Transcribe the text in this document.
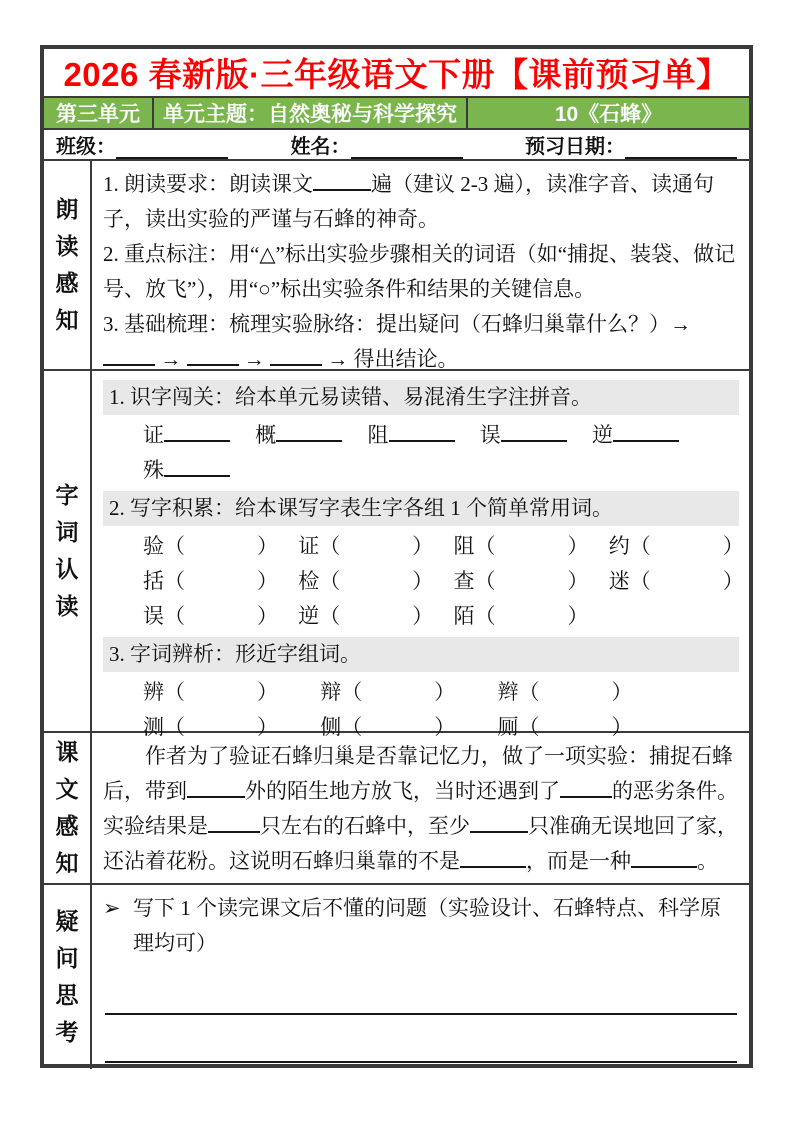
2026 春新版·三年级语文下册【课前预习单】
第三单元	单元主题：自然奥秘与科学探究	10《石蜂》
班级：	姓名：	预习日期：
朗读感知

1. 朗读要求：朗读课文	遍（建议 2-3 遍），读准字音、读通句子，读出实验的严谨与石蜂的神奇。

2. 重点标注：用“△”标出实验步骤相关的词语（如“捕捉、装袋、做记号、放飞”），用“○”标出实验条件和结果的关键信息。

3. 基础梳理：梳理实验脉络：提出疑问（石蜂归巢靠什么？）→  →	→	→ 得出结论。

字词认读
1. 识字闯关：给本单元易读错、易混淆生字注拼音。
证	概	阻	误	逆
殊
2. 写字积累：给本课写字表生字各组 1 个简单常用词。
验（	） 证（	） 阻（	） 约（	）
括（	） 检（	） 查（	） 迷（	）
误（	） 逆（	） 陌（	）
3. 字词辨析：形近字组词。
辨（	） 辩（	） 辫（	）
测（	） 侧（	） 厕（	）
课文感知

作者为了验证石蜂归巢是否靠记忆力，做了一项实验：捕捉石蜂后，带到	外的陌生地方放飞，当时还遇到了 的恶劣条件。实验结果是 只左右的石蜂中，至少	只准确无误地回了家，还沾着花粉。这说明石蜂归巢靠的不是	，而是一种	。

疑问思考
➢ 写下 1 个读完课文后不懂的问题（实验设计、石蜂特点、科学原理均可）
